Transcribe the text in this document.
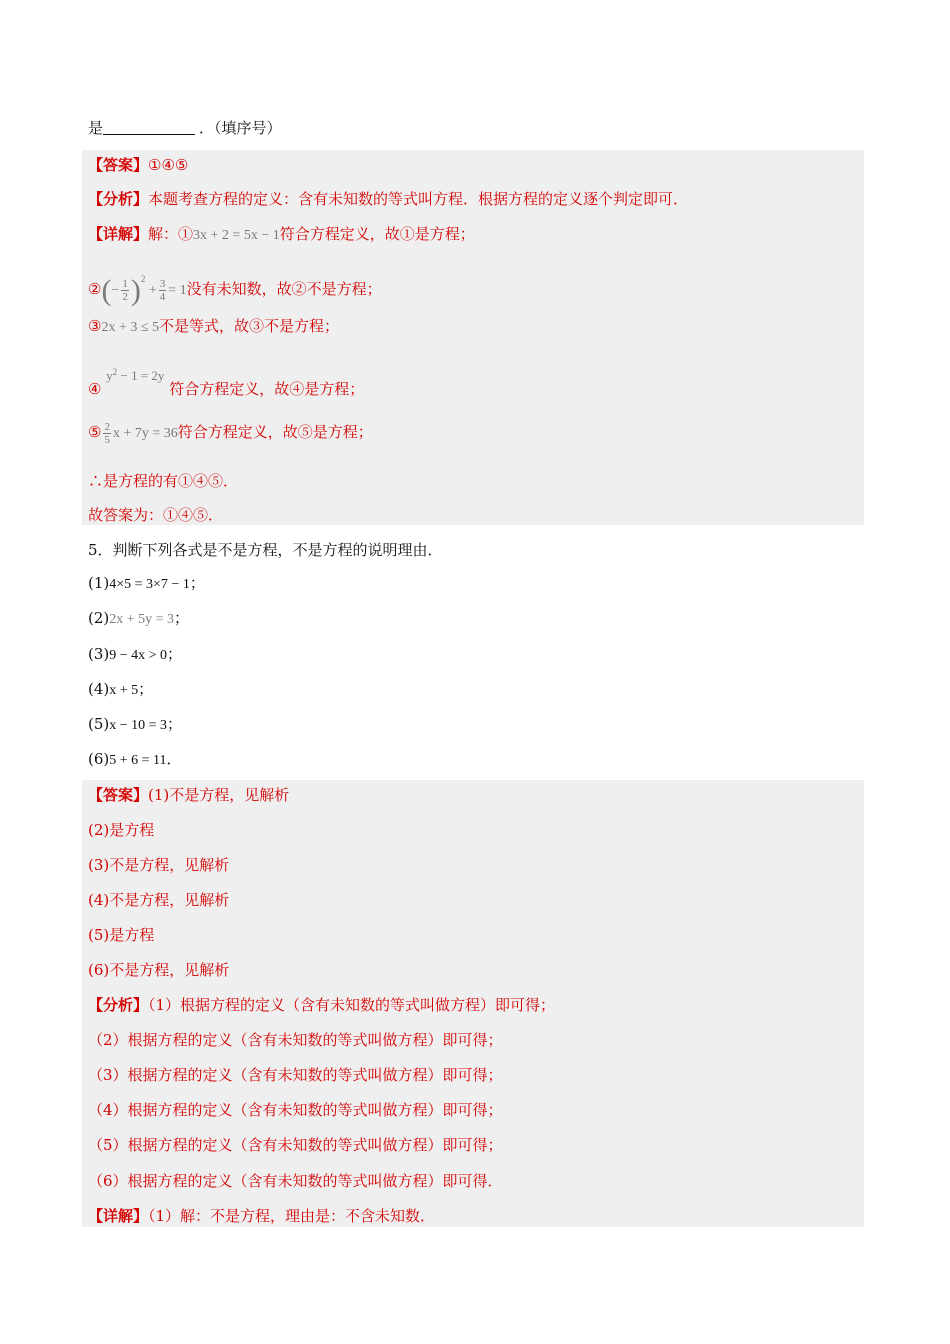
是	．（填序号）
【答案】①④⑤
【分析】本题考查方程的定义：含有未知数的等式叫方程．根据方程的定义逐个判定即可．
【详解】解：①3x + 2 = 5x − 1符合方程定义，故①是方程；
②(− $\frac{1}{2} )^2 + \frac{3}{4} = 1$没有未知数，故②不是方程；
③2x + 3 ≤ 5不是等式，故③不是方程；
④ $y^2 - 1 = 2y$ 符合方程定义，故④是方程；
⑤ $\frac{2}{5}$ x + 7y = 36符合方程定义，故⑤是方程；
∴是方程的有①④⑤．
故答案为：①④⑤．
5．判断下列各式是不是方程，不是方程的说明理由．
(1)4×5 = 3×7 − 1；
(2)2x + 5y = 3；
(3)9 − 4x > 0；
(4)x + 5；
(5)x − 10 = 3；
(6)5 + 6 = 11．
【答案】(1)不是方程，见解析
(2)是方程
(3)不是方程，见解析
(4)不是方程，见解析
(5)是方程
(6)不是方程，见解析
【分析】（1）根据方程的定义（含有未知数的等式叫做方程）即可得；
（2）根据方程的定义（含有未知数的等式叫做方程）即可得；
（3）根据方程的定义（含有未知数的等式叫做方程）即可得；
（4）根据方程的定义（含有未知数的等式叫做方程）即可得；
（5）根据方程的定义（含有未知数的等式叫做方程）即可得；
（6）根据方程的定义（含有未知数的等式叫做方程）即可得．
【详解】（1）解：不是方程，理由是：不含未知数．
